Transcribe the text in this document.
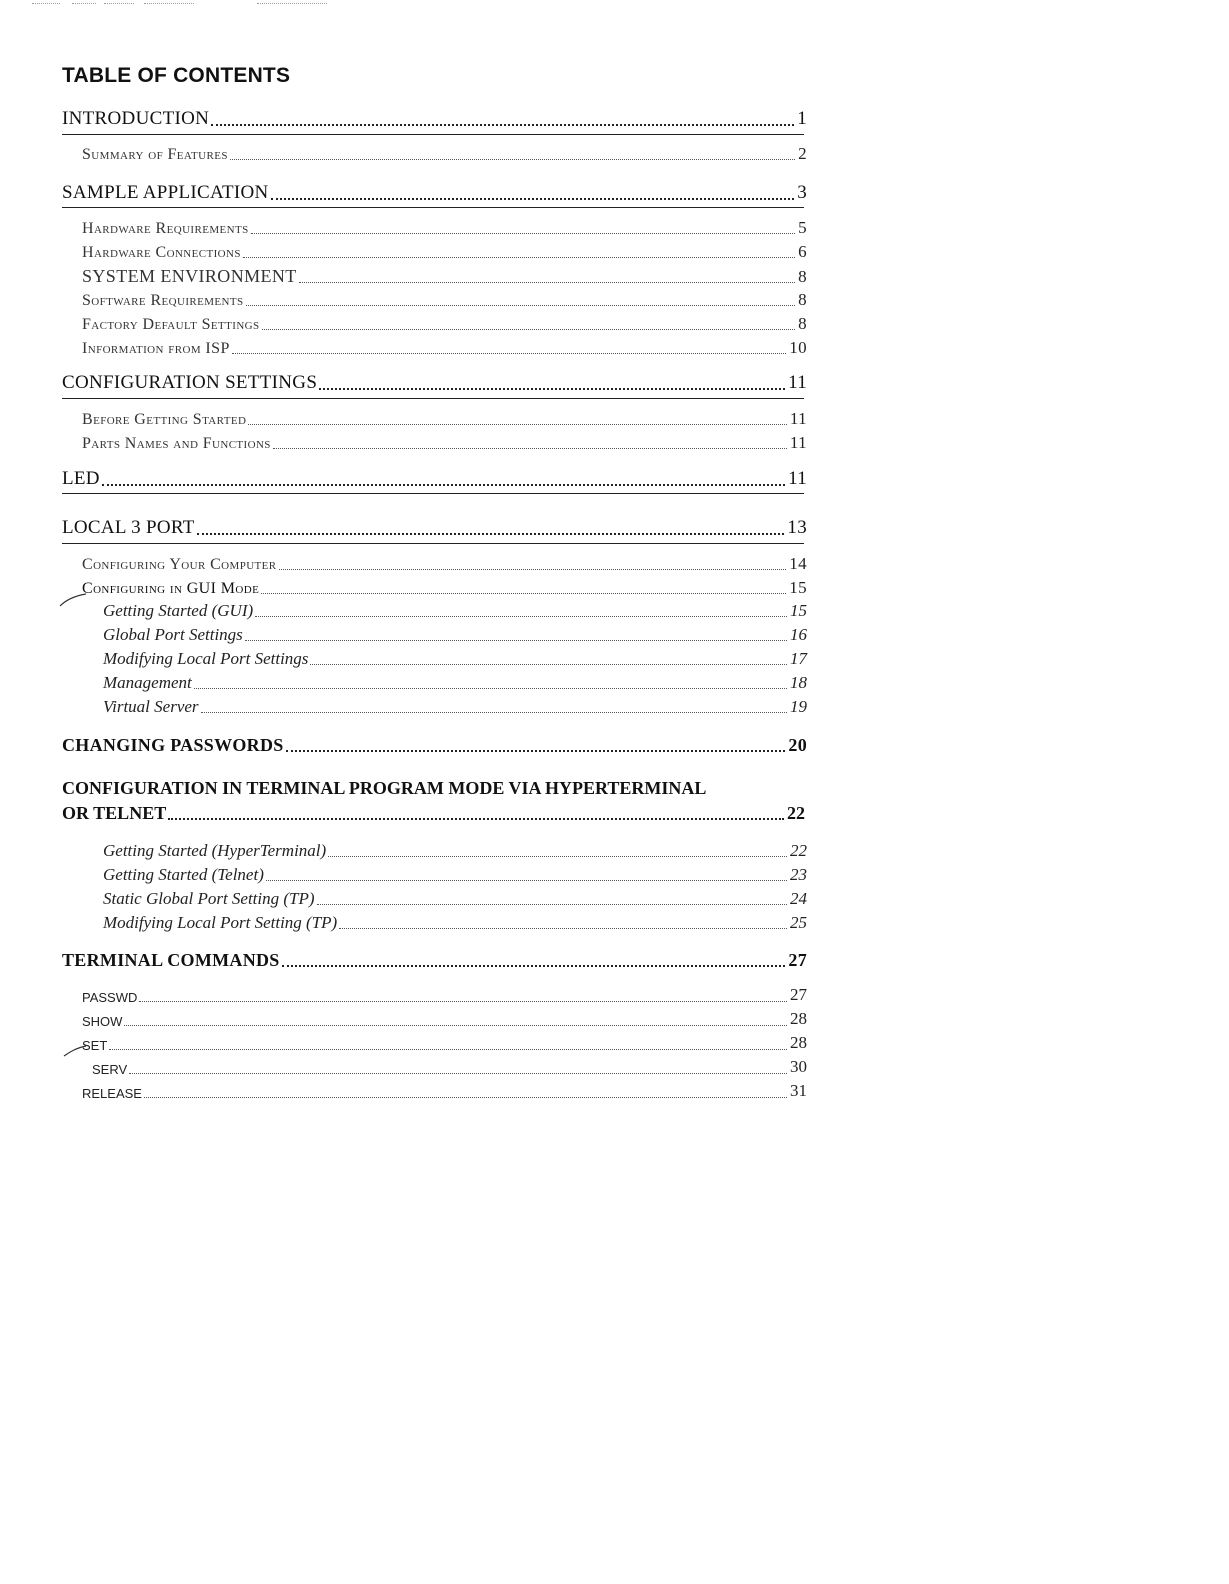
TABLE OF CONTENTS
INTRODUCTION	1
Summary of Features	2
SAMPLE APPLICATION	3
Hardware Requirements	5
Hardware Connections	6
SYSTEM ENVIRONMENT	8
Software Requirements	8
Factory Default Settings	8
Information from ISP	10
CONFIGURATION SETTINGS	11
Before Getting Started	11
Parts Names and Functions	11
LED	11
LOCAL 3 PORT	13
Configuring Your Computer	14
Configuring in GUI Mode	15
Getting Started (GUI)	15
Global Port Settings	16
Modifying Local Port Settings	17
Management	18
Virtual Server	19
CHANGING PASSWORDS	20
CONFIGURATION IN TERMINAL PROGRAM MODE VIA HYPERTERMINAL
OR TELNET	22
Getting Started (HyperTerminal)	22
Getting Started (Telnet)	23
Static Global Port Setting (TP)	24
Modifying Local Port Setting (TP)	25
TERMINAL COMMANDS	27
PASSWD	27
SHOW	28
SET	28
SERV	30
RELEASE	31
